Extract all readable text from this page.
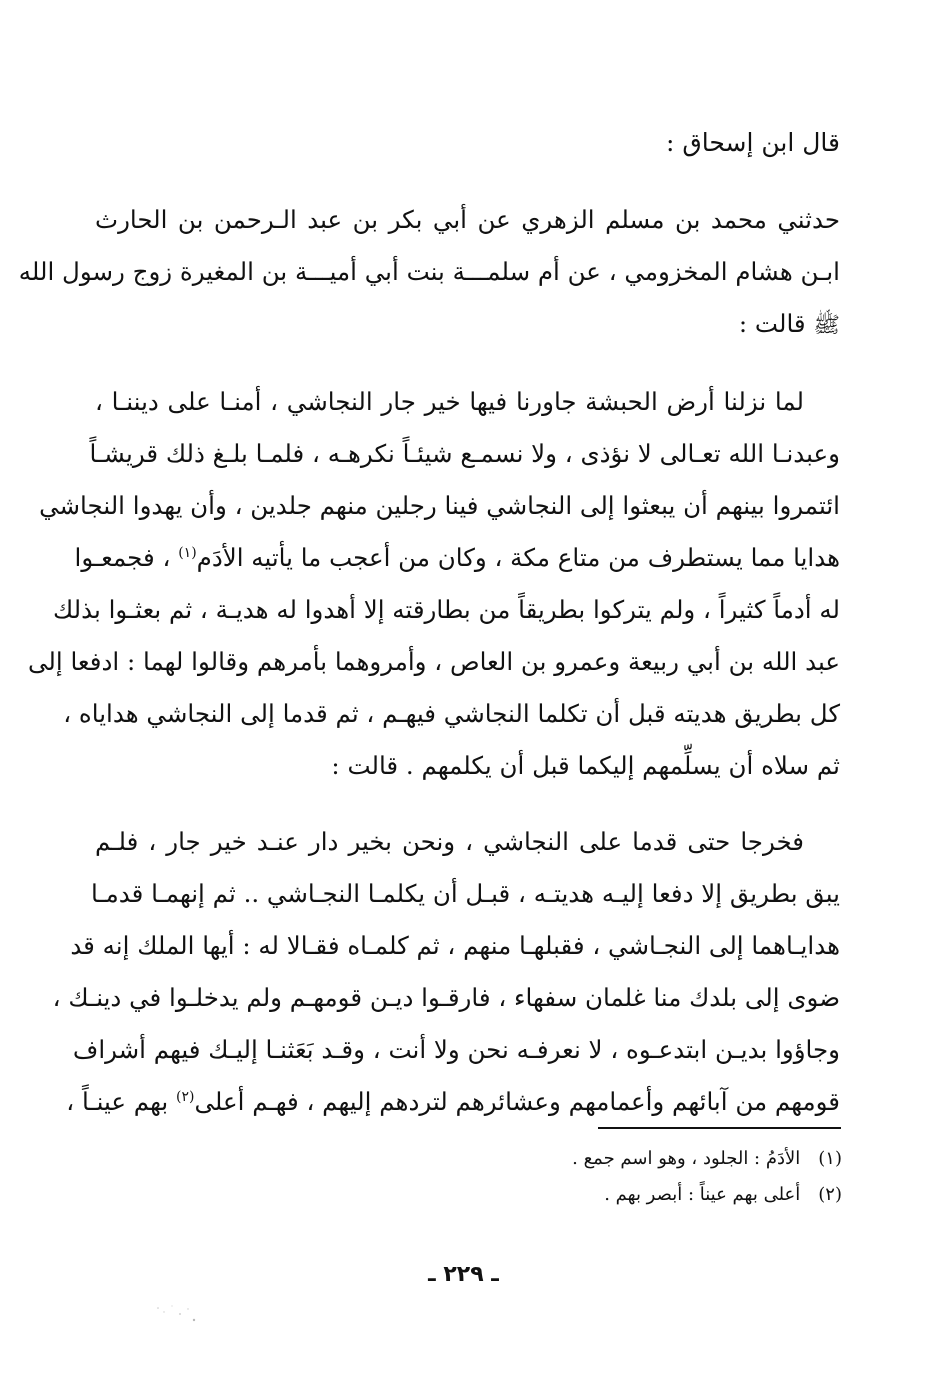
قال ابن إسحاق :
حدثني محمد بن مسلم الزهري عن أبي بكر بن عبد الـرحمن بن الحارث
ابـن هشام المخزومي ، عن أم سلمـــة بنت أبي أميـــة بن المغيرة زوج رسول الله
ﷺ قالت :
لما نزلنا أرض الحبشة جاورنا فيها خير جار النجاشي ، أمنـا على ديننـا ،
وعبدنـا الله تعـالى لا نؤذى ، ولا نسمـع شيئـاً نكرهـه ، فلمـا بلـغ ذلك قريشـاً
ائتمروا بينهم أن يبعثوا إلى النجاشي فينا رجلين منهم جلدين ، وأن يهدوا النجاشي
هدايا مما يستطرف من متاع مكة ، وكان من أعجب ما يأتيه الأدَم$^{(١)}$ ، فجمعـوا
له أدماً كثيراً ، ولم يتركوا بطريقاً من بطارقته إلا أهدوا له هديـة ، ثم بعثـوا بذلك
عبد الله بن أبي ربيعة وعمرو بن العاص ، وأمروهما بأمرهم وقالوا لهما : ادفعا إلى
كل بطريق هديته قبل أن تكلما النجاشي فيهـم ، ثم قدما إلى النجاشي هداياه ،
ثم سلاه أن يسلِّمهم إليكما قبل أن يكلمهم . قالت :
فخرجا حتى قدما على النجاشي ، ونحن بخير دار عنـد خير جار ، فلـم
يبق بطريق إلا دفعا إليـه هديتـه ، قبـل أن يكلمـا النجـاشي .. ثم إنهمـا قدمـا
هدايـاهما إلى النجـاشي ، فقبلهـا منهم ، ثم كلمـاه فقـالا له : أيها الملك إنه قد
ضوى إلى بلدك منا غلمان سفهاء ، فارقـوا ديـن قومهـم ولم يدخلـوا في دينـك ،
وجاؤوا بديـن ابتدعـوه ، لا نعرفـه نحن ولا أنت ، وقـد بَعَثنـا إليـك فيهم أشراف
قومهم من آبائهم وأعمامهم وعشائرهم لتردهم إليهم ، فهـم أعلى$^{(٢)}$ بهم عينـاً ،
(١)الأدَمُ : الجلود ، وهو اسم جمع .
(٢)أعلى بهم عيناً : أبصر بهم .
ـ ٢٢٩ ـ
